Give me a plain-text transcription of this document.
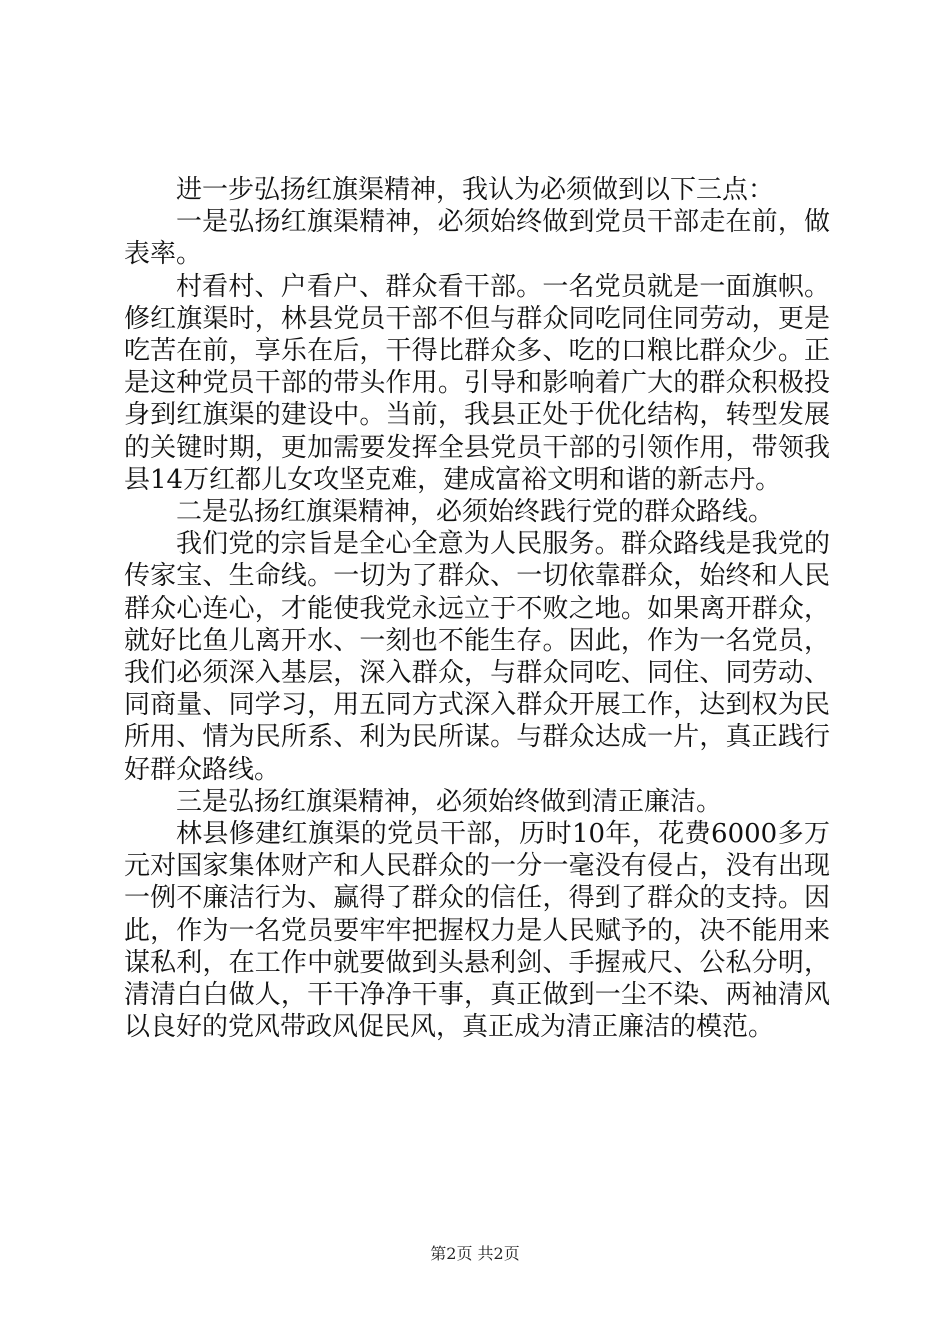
进一步弘扬红旗渠精神，我认为必须做到以下三点：

一是弘扬红旗渠精神，必须始终做到党员干部走在前，做表率。

村看村、户看户、群众看干部。一名党员就是一面旗帜。修红旗渠时，林县党员干部不但与群众同吃同住同劳动，更是吃苦在前，享乐在后，干得比群众多、吃的口粮比群众少。正是这种党员干部的带头作用。引导和影响着广大的群众积极投身到红旗渠的建设中。当前，我县正处于优化结构，转型发展的关键时期，更加需要发挥全县党员干部的引领作用，带领我县14万红都儿女攻坚克难，建成富裕文明和谐的新志丹。

二是弘扬红旗渠精神，必须始终践行党的群众路线。

我们党的宗旨是全心全意为人民服务。群众路线是我党的传家宝、生命线。一切为了群众、一切依靠群众，始终和人民群众心连心，才能使我党永远立于不败之地。如果离开群众，就好比鱼儿离开水、一刻也不能生存。因此，作为一名党员，我们必须深入基层，深入群众，与群众同吃、同住、同劳动、同商量、同学习，用五同方式深入群众开展工作，达到权为民所用、情为民所系、利为民所谋。与群众达成一片，真正践行好群众路线。

三是弘扬红旗渠精神，必须始终做到清正廉洁。

林县修建红旗渠的党员干部，历时10年，花费6000多万元对国家集体财产和人民群众的一分一毫没有侵占，没有出现一例不廉洁行为、赢得了群众的信任，得到了群众的支持。因此，作为一名党员要牢牢把握权力是人民赋予的，决不能用来谋私利，在工作中就要做到头悬利剑、手握戒尺、公私分明，清清白白做人，干干净净干事，真正做到一尘不染、两袖清风以良好的党风带政风促民风，真正成为清正廉洁的模范。

第2页 共2页
